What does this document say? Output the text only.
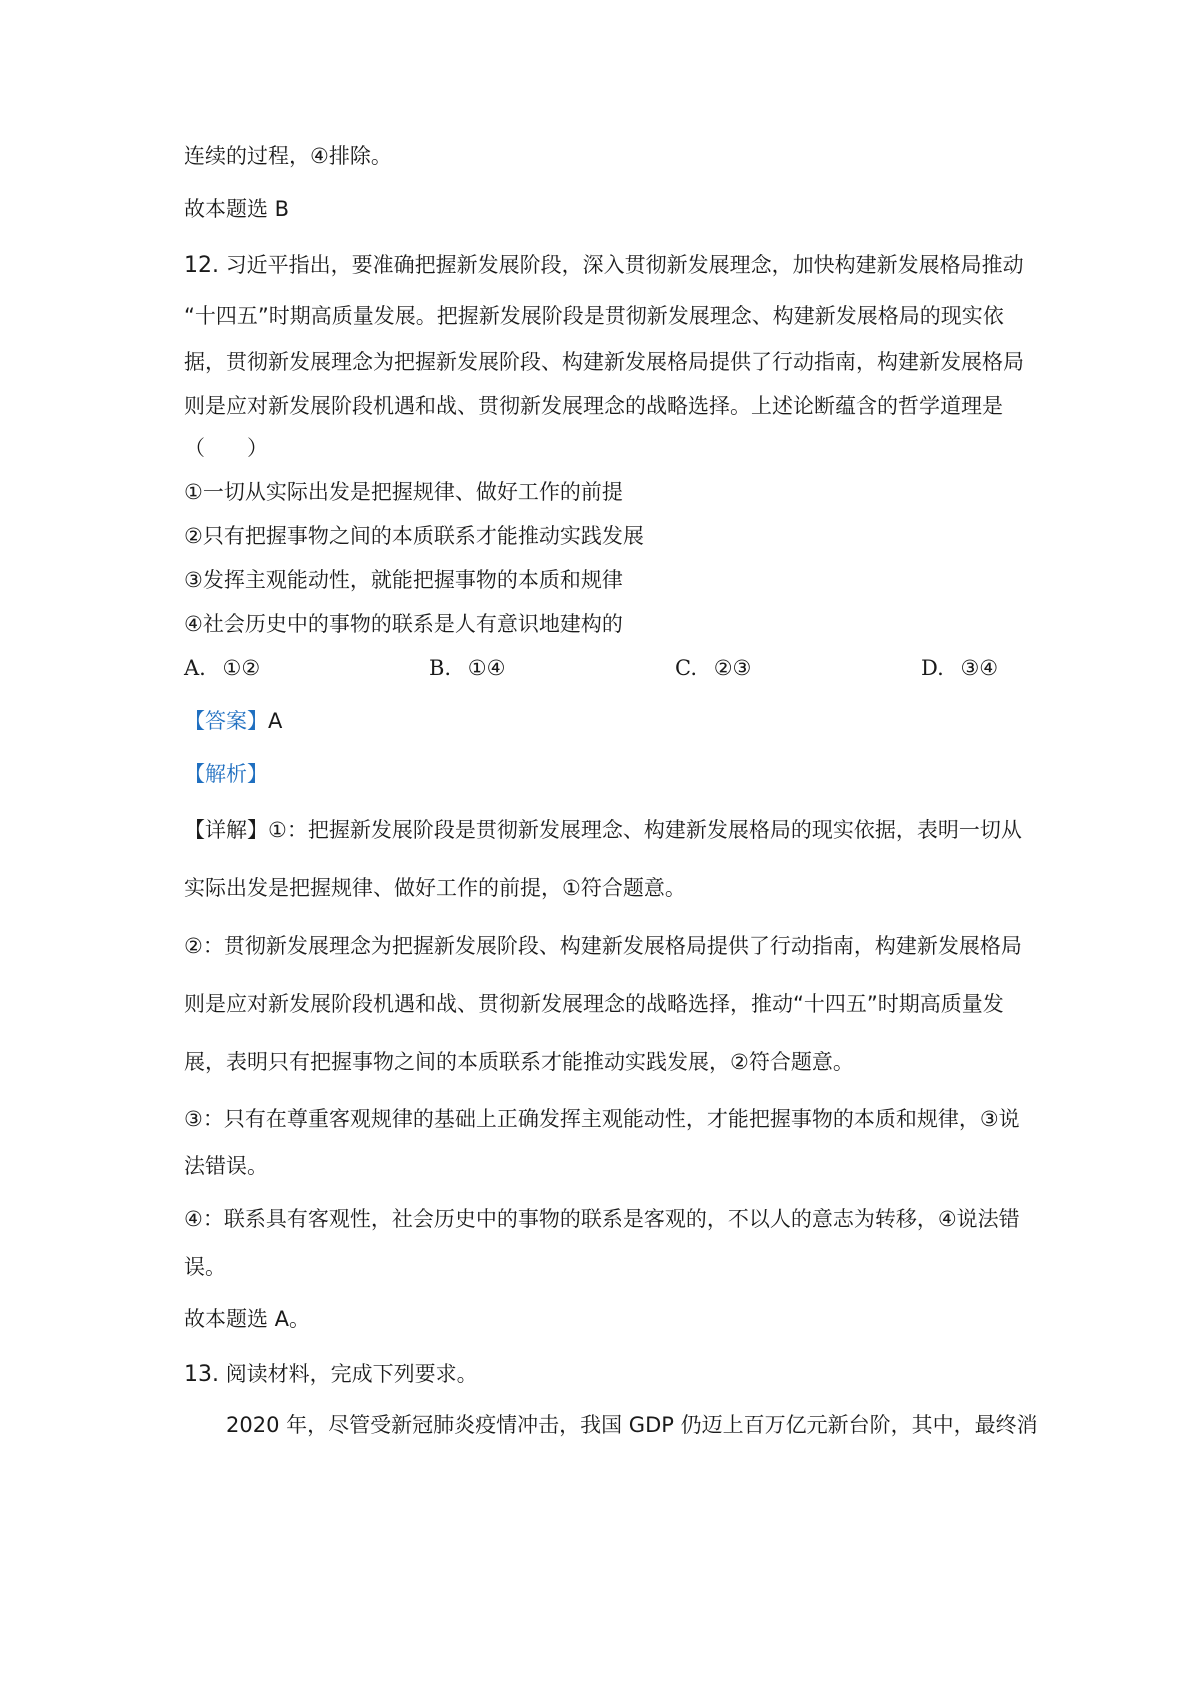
连续的过程，④排除。
故本题选 B
12. 习近平指出，要准确把握新发展阶段，深入贯彻新发展理念，加快构建新发展格局推动
“十四五”时期高质量发展。把握新发展阶段是贯彻新发展理念、构建新发展格局的现实依
据，贯彻新发展理念为把握新发展阶段、构建新发展格局提供了行动指南，构建新发展格局
则是应对新发展阶段机遇和战、贯彻新发展理念的战略选择。上述论断蕴含的哲学道理是
（　　）
①一切从实际出发是把握规律、做好工作的前提
②只有把握事物之间的本质联系才能推动实践发展
③发挥主观能动性，就能把握事物的本质和规律
④社会历史中的事物的联系是人有意识地建构的
A. ①②	B. ①④	C. ②③	D. ③④
【答案】A
【解析】
【详解】①：把握新发展阶段是贯彻新发展理念、构建新发展格局的现实依据，表明一切从
实际出发是把握规律、做好工作的前提，①符合题意。
②：贯彻新发展理念为把握新发展阶段、构建新发展格局提供了行动指南，构建新发展格局
则是应对新发展阶段机遇和战、贯彻新发展理念的战略选择，推动“十四五”时期高质量发
展，表明只有把握事物之间的本质联系才能推动实践发展，②符合题意。
③：只有在尊重客观规律的基础上正确发挥主观能动性，才能把握事物的本质和规律，③说
法错误。
④：联系具有客观性，社会历史中的事物的联系是客观的，不以人的意志为转移，④说法错
误。
故本题选 A。
13. 阅读材料，完成下列要求。
2020 年，尽管受新冠肺炎疫情冲击，我国 GDP 仍迈上百万亿元新台阶，其中，最终消
